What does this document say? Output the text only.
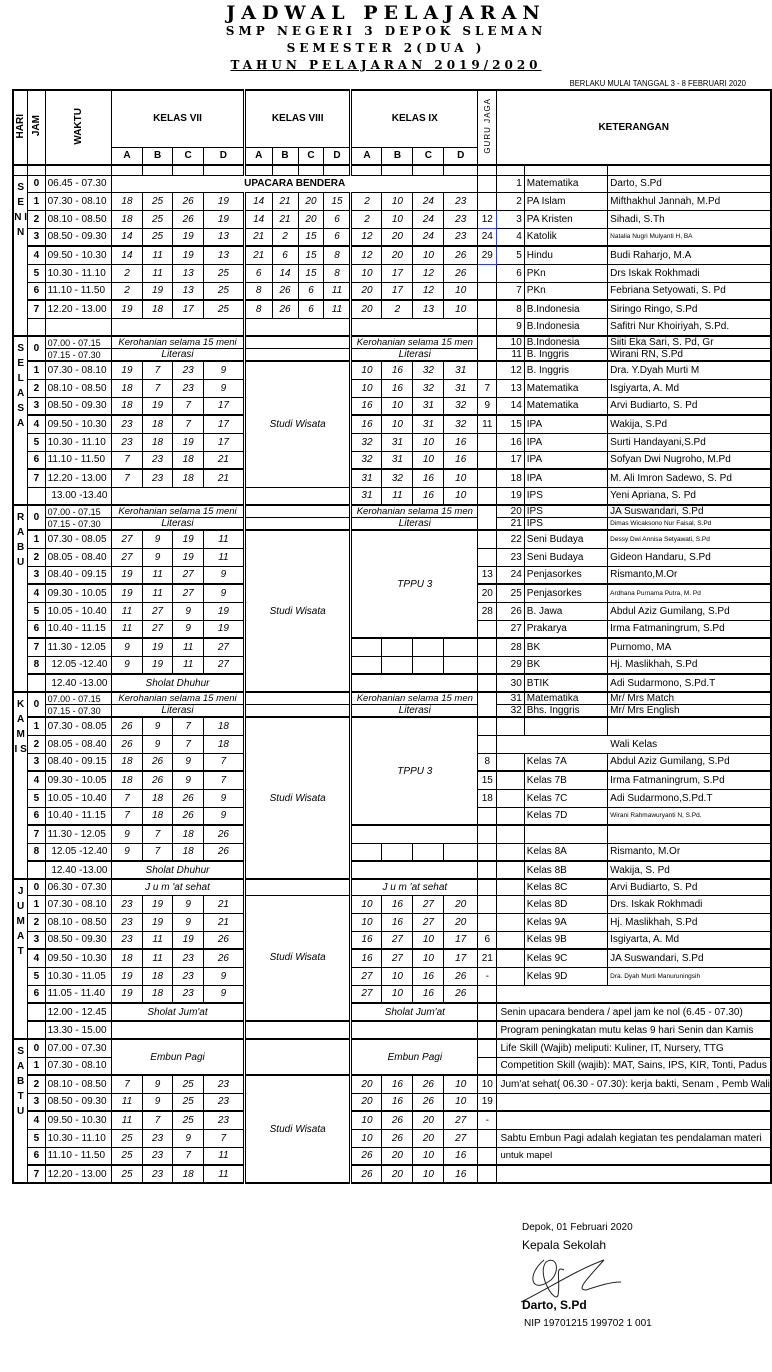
JADWAL PELAJARAN
SMP NEGERI 3 DEPOK SLEMAN
SEMESTER 2(DUA )
TAHUN PELAJARAN 2019/2020
BERLAKU MULAI TANGGAL 3 - 8 FEBRUARI 2020
HARI	JAM	WAKTU	KELAS VII				KELAS VIII				KELAS IX				GURU JAGA	KETERANGAN		
			A	B	C	D	A	B	C	D	A	B	C	D				

S E N I N	0	06.45 - 07.30	UPACARA BENDERA													1	Matematika	Darto, S.Pd
	1	07.30 - 08.10	18	25	26	19	14	21	20	15	2	10	24	23		2	PA Islam	Mifthakhul Jannah, M.Pd
	2	08.10 - 08.50	18	25	26	19	14	21	20	6	2	10	24	23	12	3	PA Kristen	Sihadi, S.Th
	3	08.50 - 09.30	14	25	19	13	21	2	15	6	12	20	24	23	24	4	Katolik	Natalia Nugri Mulyanti H, BA
	4	09.50 - 10.30	14	11	19	13	21	6	15	8	12	20	10	26	29	5	Hindu	Budi Raharjo, M.A
	5	10.30 - 11.10	2	11	13	25	6	14	15	8	10	17	12	26		6	PKn	Drs Iskak Rokhmadi
	6	11.10 - 11.50	2	19	13	25	8	26	6	11	20	17	12	10		7	PKn	Febriana Setyowati, S. Pd
	7	12.20 - 13.00	19	18	17	25	8	26	6	11	20	2	13	10		8	B.Indonesia	Siringo Ringo, S.Pd
																9	B.Indonesia	Safitri Nur Khoiriyah, S.Pd.
S E L A S A	0	07.00 - 07.15	Kerohanian selama 15 meni								Kerohanian selama 15 men					10	B.Indonesia	Siiti Eka Sari, S. Pd, Gr
		07.15 - 07.30	Literasi								Literasi					11	B. Inggris	Wirani RN, S.Pd
	1	07.30 - 08.10	19	7	23	9	Studi Wisata				10	16	32	31		12	B. Inggris	Dra. Y.Dyah Murti M
	2	08.10 - 08.50	18	7	23	9					10	16	32	31	7	13	Matematika	Isgiyarta, A. Md
	3	08.50 - 09.30	18	19	7	17					16	10	31	32	9	14	Matematika	Arvi Budiarto, S. Pd
	4	09.50 - 10.30	23	18	7	17					16	10	31	32	11	15	IPA	Wakija, S.Pd
	5	10.30 - 11.10	23	18	19	17					32	31	10	16		16	IPA	Surti Handayani,S.Pd
	6	11.10 - 11.50	7	23	18	21					32	31	10	16		17	IPA	Sofyan Dwi Nugroho, M.Pd
	7	12.20 - 13.00	7	23	18	21					31	32	16	10		18	IPA	M. Ali Imron Sadewo, S. Pd
		13.00 -13.40									31	11	16	10		19	IPS	Yeni Apriana, S. Pd
R A B U	0	07.00 - 07.15	Kerohanian selama 15 meni								Kerohanian selama 15 men					20	IPS	JA Suswandari, S.Pd
		07.15 - 07.30	Literasi								Literasi					21	IPS	Dimas Wicaksono Nur Faisal, S.Pd
	1	07.30 - 08.05	27	9	19	11	Studi Wisata				TPPU 3					22	Seni Budaya	Dessy Dwi Annisa Setyawati, S.Pd
	2	08.05 - 08.40	27	9	19	11										23	Seni Budaya	Gideon Handaru, S.Pd
	3	08.40 - 09.15	19	11	27	9									13	24	Penjasorkes	Rismanto,M.Or
	4	09.30 - 10.05	19	11	27	9									20	25	Penjasorkes	Ardhana Purnama Putra, M. Pd
	5	10.05 - 10.40	11	27	9	19									28	26	B. Jawa	Abdul Aziz Gumilang, S.Pd
	6	10.40 - 11.15	11	27	9	19										27	Prakarya	Irma Fatmaningrum, S.Pd
	7	11.30 - 12.05	9	19	11	27										28	BK	Purnomo, MA
	8	12.05 -12.40	9	19	11	27										29	BK	Hj. Maslikhah, S.Pd
		12.40 -13.00	Sholat Dhuhur													30	BTIK	Adi Sudarmono, S.Pd.T
K A M I S	0	07.00 - 07.15	Kerohanian selama 15 meni								Kerohanian selama 15 men					31	Matematika	Mr/ Mrs Match
		07.15 - 07.30	Literasi								Literasi					32	Bhs. Inggris	Mr/ Mrs English
	1	07.30 - 08.05	26	9	7	18	Studi Wisata				TPPU 3							
	2	08.05 - 08.40	26	9	7	18										Wali Kelas		
	3	08.40 - 09.15	18	26	9	7									8		Kelas 7A	Abdul Aziz Gumilang, S.Pd
	4	09.30 - 10.05	18	26	9	7									15		Kelas 7B	Irma Fatmaningrum, S.Pd
	5	10.05 - 10.40	7	18	26	9									18		Kelas 7C	Adi Sudarmono,S.Pd.T
	6	10.40 - 11.15	7	18	26	9											Kelas 7D	Wirani Rahmawuryanti N, S.Pd.
	7	11.30 - 12.05	9	7	18	26												
	8	12.05 -12.40	9	7	18	26											Kelas 8A	Rismanto, M.Or
		12.40 -13.00	Sholat Dhuhur														Kelas 8B	Wakija, S. Pd
J U M A T	0	06.30 - 07.30	J u m 'at sehat								J u m 'at sehat						Kelas 8C	Arvi Budiarto, S. Pd
	1	07.30 - 08.10	23	19	9	21	Studi Wisata				10	16	27	20			Kelas 8D	Drs. Iskak Rokhmadi
	2	08.10 - 08.50	23	19	9	21					10	16	27	20			Kelas 9A	Hj. Maslikhah, S.Pd
	3	08.50 - 09.30	23	11	19	26					16	27	10	17	6		Kelas 9B	Isgiyarta, A. Md
	4	09.50 - 10.30	18	11	23	26					16	27	10	17	21		Kelas 9C	JA Suswandari, S.Pd
	5	10.30 - 11.05	19	18	23	9					27	10	16	26	-		Kelas 9D	Dra. Dyah Murti Manuruningsih
	6	11.05 - 11.40	19	18	23	9					27	10	16	26				
		12.00 - 12.45	Sholat Jum'at								Sholat Jum'at					Senin upacara bendera / apel jam ke nol (6.45 - 07.30)		
		13.30 - 15.00														Program peningkatan mutu kelas 9 hari Senin dan Kamis		
S A B T U	0	07.00 - 07.30	Embun Pagi								Embun Pagi					Life Skill (Wajib) meliputi: Kuliner, IT, Nursery, TTG		
	1	07.30 - 08.10														Competition Skill (wajib): MAT, Sains, IPS, KIR, Tonti, Padus		
	2	08.10 - 08.50	7	9	25	23	Studi Wisata				20	16	26	10	10	Jum'at sehat( 06.30 - 07.30): kerja bakti, Senam , Pemb Wali		
	3	08.50 - 09.30	11	9	25	23					20	16	26	10	19			
	4	09.50 - 10.30	11	7	25	23					10	26	20	27	-			
	5	10.30 - 11.10	25	23	9	7					10	26	20	27		Sabtu Embun Pagi adalah kegiatan tes pendalaman materi		
	6	11.10 - 11.50	25	23	7	11					26	20	10	16		untuk mapel		
	7	12.20 - 13.00	25	23	18	11					26	20	10	16				
Depok, 01 Februari 2020
Kepala Sekolah
Darto, S.Pd
NIP 19701215 199702 1 001
